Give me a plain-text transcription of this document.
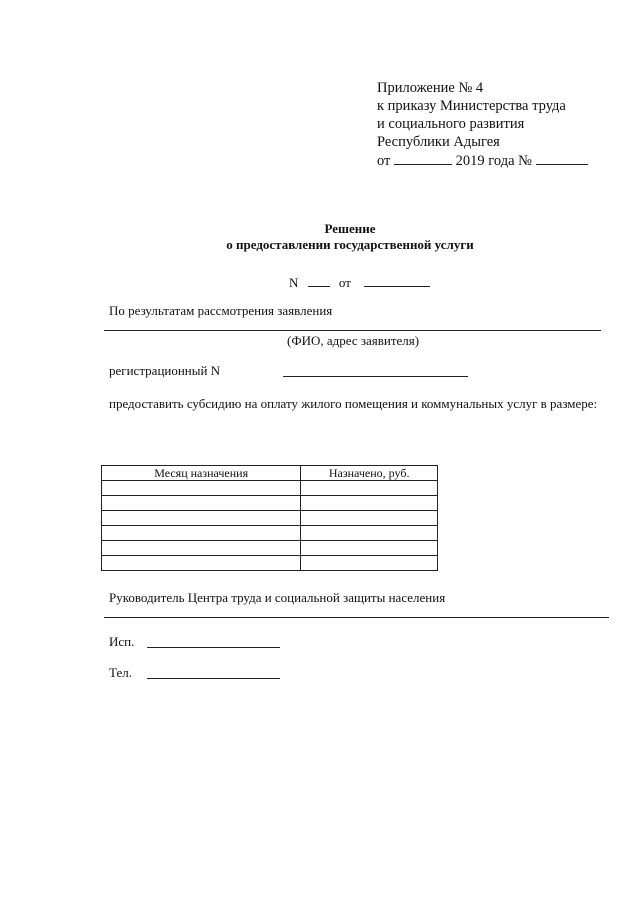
Приложение № 4
к приказу Министерства труда
и социального развития
Республики Адыгея
от	2019 года №
Решение
о предоставлении государственной услуги
N	от
По результатам рассмотрения заявления
(ФИО, адрес заявителя)
регистрационный N
предоставить субсидию на оплату жилого помещения и коммунальных услуг в размере:
Месяц назначения	Назначено, руб.

Руководитель Центра труда и социальной защиты населения
Исп.
Тел.
